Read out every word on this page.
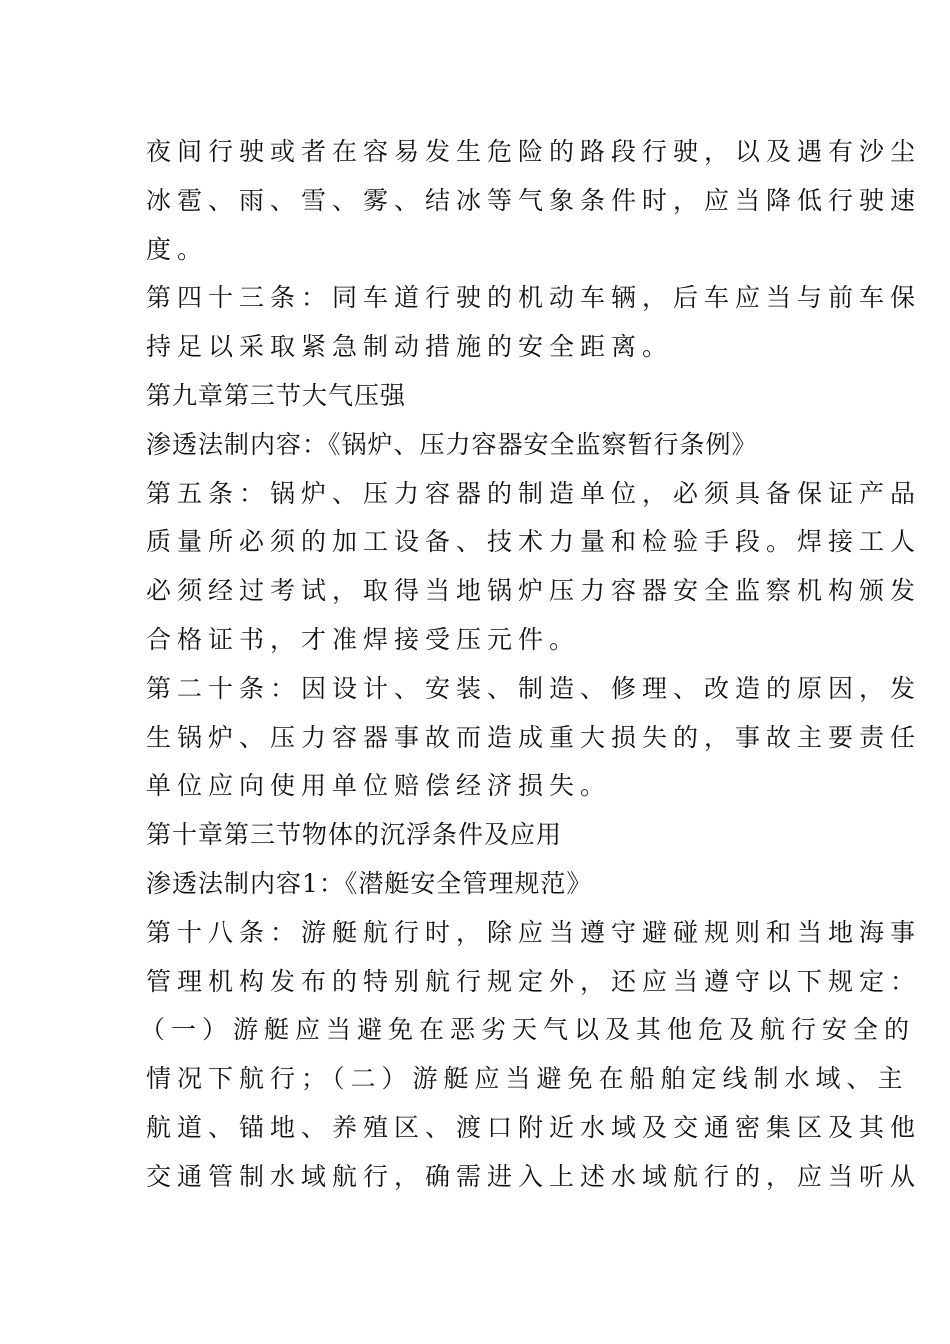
夜间行驶或者在容易发生危险的路段行驶，以及遇有沙尘
冰雹、雨、雪、雾、结冰等气象条件时，应当降低行驶速
度。
第四十三条：同车道行驶的机动车辆，后车应当与前车保
持足以采取紧急制动措施的安全距离。
第九章第三节大气压强
渗透法制内容：《锅炉、压力容器安全监察暂行条例》
第五条：锅炉、压力容器的制造单位，必须具备保证产品
质量所必须的加工设备、技术力量和检验手段。焊接工人
必须经过考试，取得当地锅炉压力容器安全监察机构颁发
合格证书，才准焊接受压元件。
第二十条：因设计、安装、制造、修理、改造的原因，发
生锅炉、压力容器事故而造成重大损失的，事故主要责任
单位应向使用单位赔偿经济损失。
第十章第三节物体的沉浮条件及应用
渗透法制内容1：《潜艇安全管理规范》
第十八条：游艇航行时，除应当遵守避碰规则和当地海事
管理机构发布的特别航行规定外，还应当遵守以下规定：
（一）游艇应当避免在恶劣天气以及其他危及航行安全的
情况下航行；（二）游艇应当避免在船舶定线制水域、主
航道、锚地、养殖区、渡口附近水域及交通密集区及其他
交通管制水域航行，确需进入上述水域航行的，应当听从
